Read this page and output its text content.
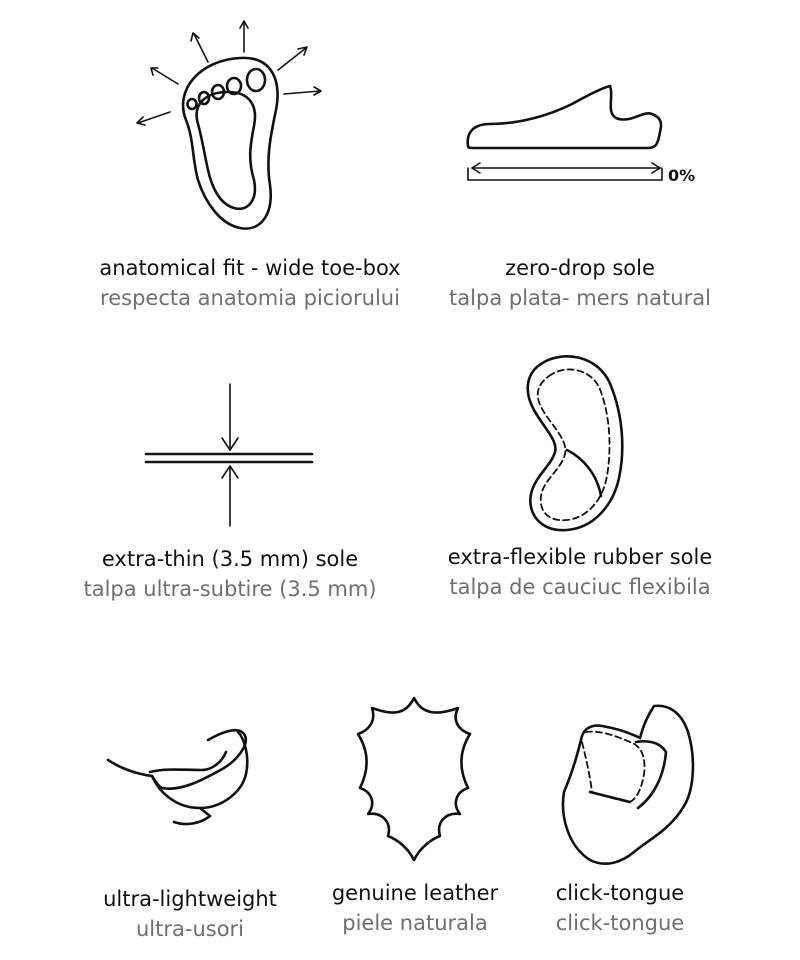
anatomical fit - wide toe-box
respecta anatomia piciorului
0%
zero-drop sole
talpa plata- mers natural
extra-thin (3.5 mm) sole
talpa ultra-subtire (3.5 mm)
extra-flexible rubber sole
talpa de cauciuc flexibila
ultra-lightweight
ultra-usori
genuine leather
piele naturala
click-tongue
click-tongue
